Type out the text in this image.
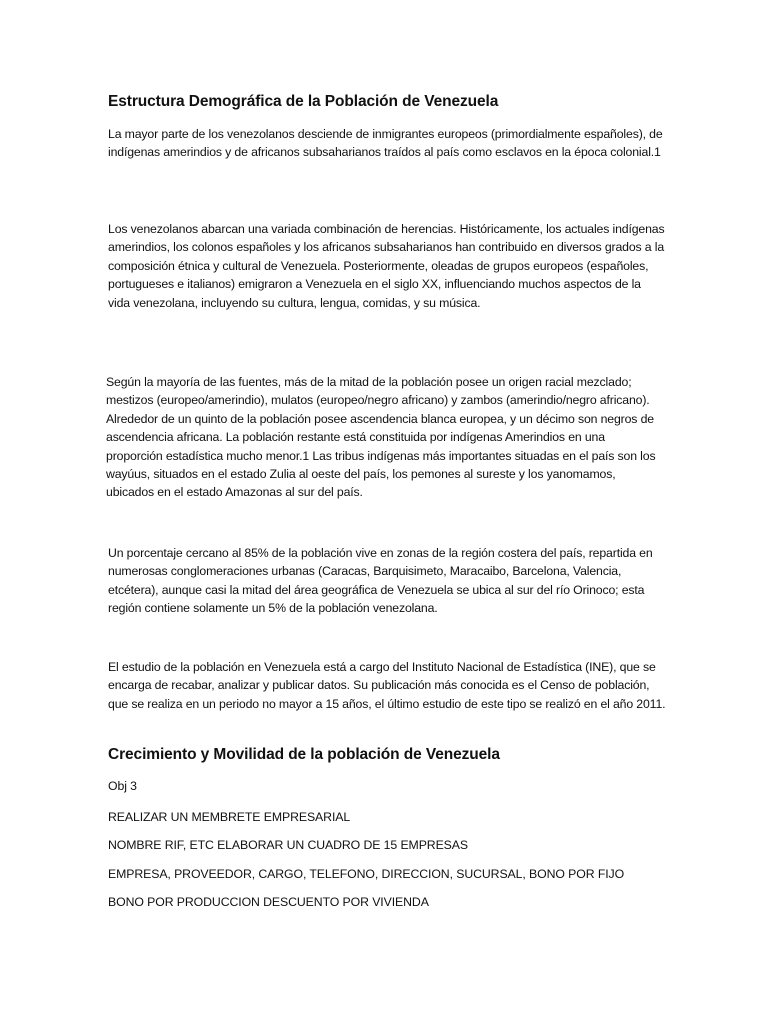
Estructura Demográfica de la Población de Venezuela
La mayor parte de los venezolanos desciende de inmigrantes europeos (primordialmente españoles), de indígenas amerindios y de africanos subsaharianos traídos al país como esclavos en la época colonial.1
Los venezolanos abarcan una variada combinación de herencias. Históricamente, los actuales indígenas amerindios, los colonos españoles y los africanos subsaharianos han contribuido en diversos grados a la composición étnica y cultural de Venezuela. Posteriormente, oleadas de grupos europeos (españoles, portugueses e italianos) emigraron a Venezuela en el siglo XX, influenciando muchos aspectos de la vida venezolana, incluyendo su cultura, lengua, comidas, y su música.
Según la mayoría de las fuentes, más de la mitad de la población posee un origen racial mezclado; mestizos (europeo/amerindio), mulatos (europeo/negro africano) y zambos (amerindio/negro africano). Alrededor de un quinto de la población posee ascendencia blanca europea, y un décimo son negros de ascendencia africana. La población restante está constituida por indígenas Amerindios en una proporción estadística mucho menor.1 Las tribus indígenas más importantes situadas en el país son los wayúus, situados en el estado Zulia al oeste del país, los pemones al sureste y los yanomamos, ubicados en el estado Amazonas al sur del país.
Un porcentaje cercano al 85% de la población vive en zonas de la región costera del país, repartida en numerosas conglomeraciones urbanas (Caracas, Barquisimeto, Maracaibo, Barcelona, Valencia, etcétera), aunque casi la mitad del área geográfica de Venezuela se ubica al sur del río Orinoco; esta región contiene solamente un 5% de la población venezolana.
El estudio de la población en Venezuela está a cargo del Instituto Nacional de Estadística (INE), que se encarga de recabar, analizar y publicar datos. Su publicación más conocida es el Censo de población, que se realiza en un periodo no mayor a 15 años, el último estudio de este tipo se realizó en el año 2011.
Crecimiento y Movilidad de la población de Venezuela
Obj 3
REALIZAR UN MEMBRETE EMPRESARIAL
NOMBRE RIF, ETC ELABORAR UN CUADRO DE 15 EMPRESAS
EMPRESA, PROVEEDOR, CARGO, TELEFONO, DIRECCION, SUCURSAL, BONO POR FIJO
BONO POR PRODUCCION DESCUENTO POR VIVIENDA
